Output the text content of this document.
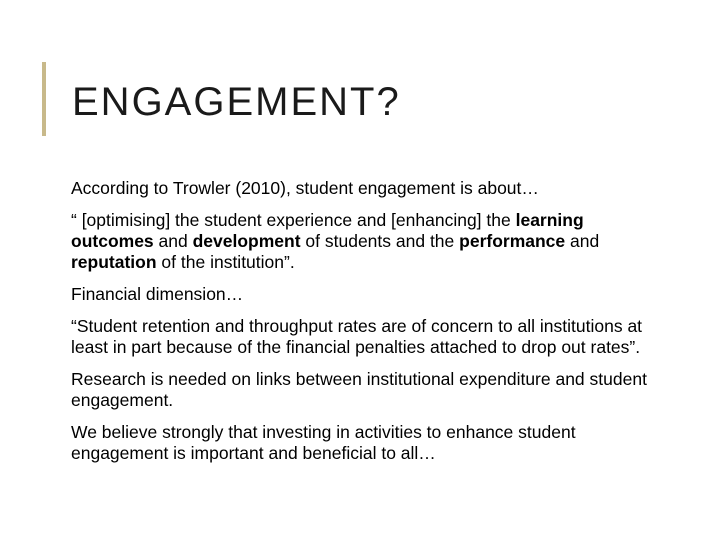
ENGAGEMENT?

According to Trowler (2010), student engagement is about…

“ [optimising] the student experience and [enhancing] the learning outcomes and development of students and the performance and reputation of the institution”.

Financial dimension…

“Student retention and throughput rates are of concern to all institutions at least in part because of the financial penalties attached to drop out rates”.

Research is needed on links between institutional expenditure and student engagement.

We believe strongly that investing in activities to enhance student engagement is important and beneficial to all…
